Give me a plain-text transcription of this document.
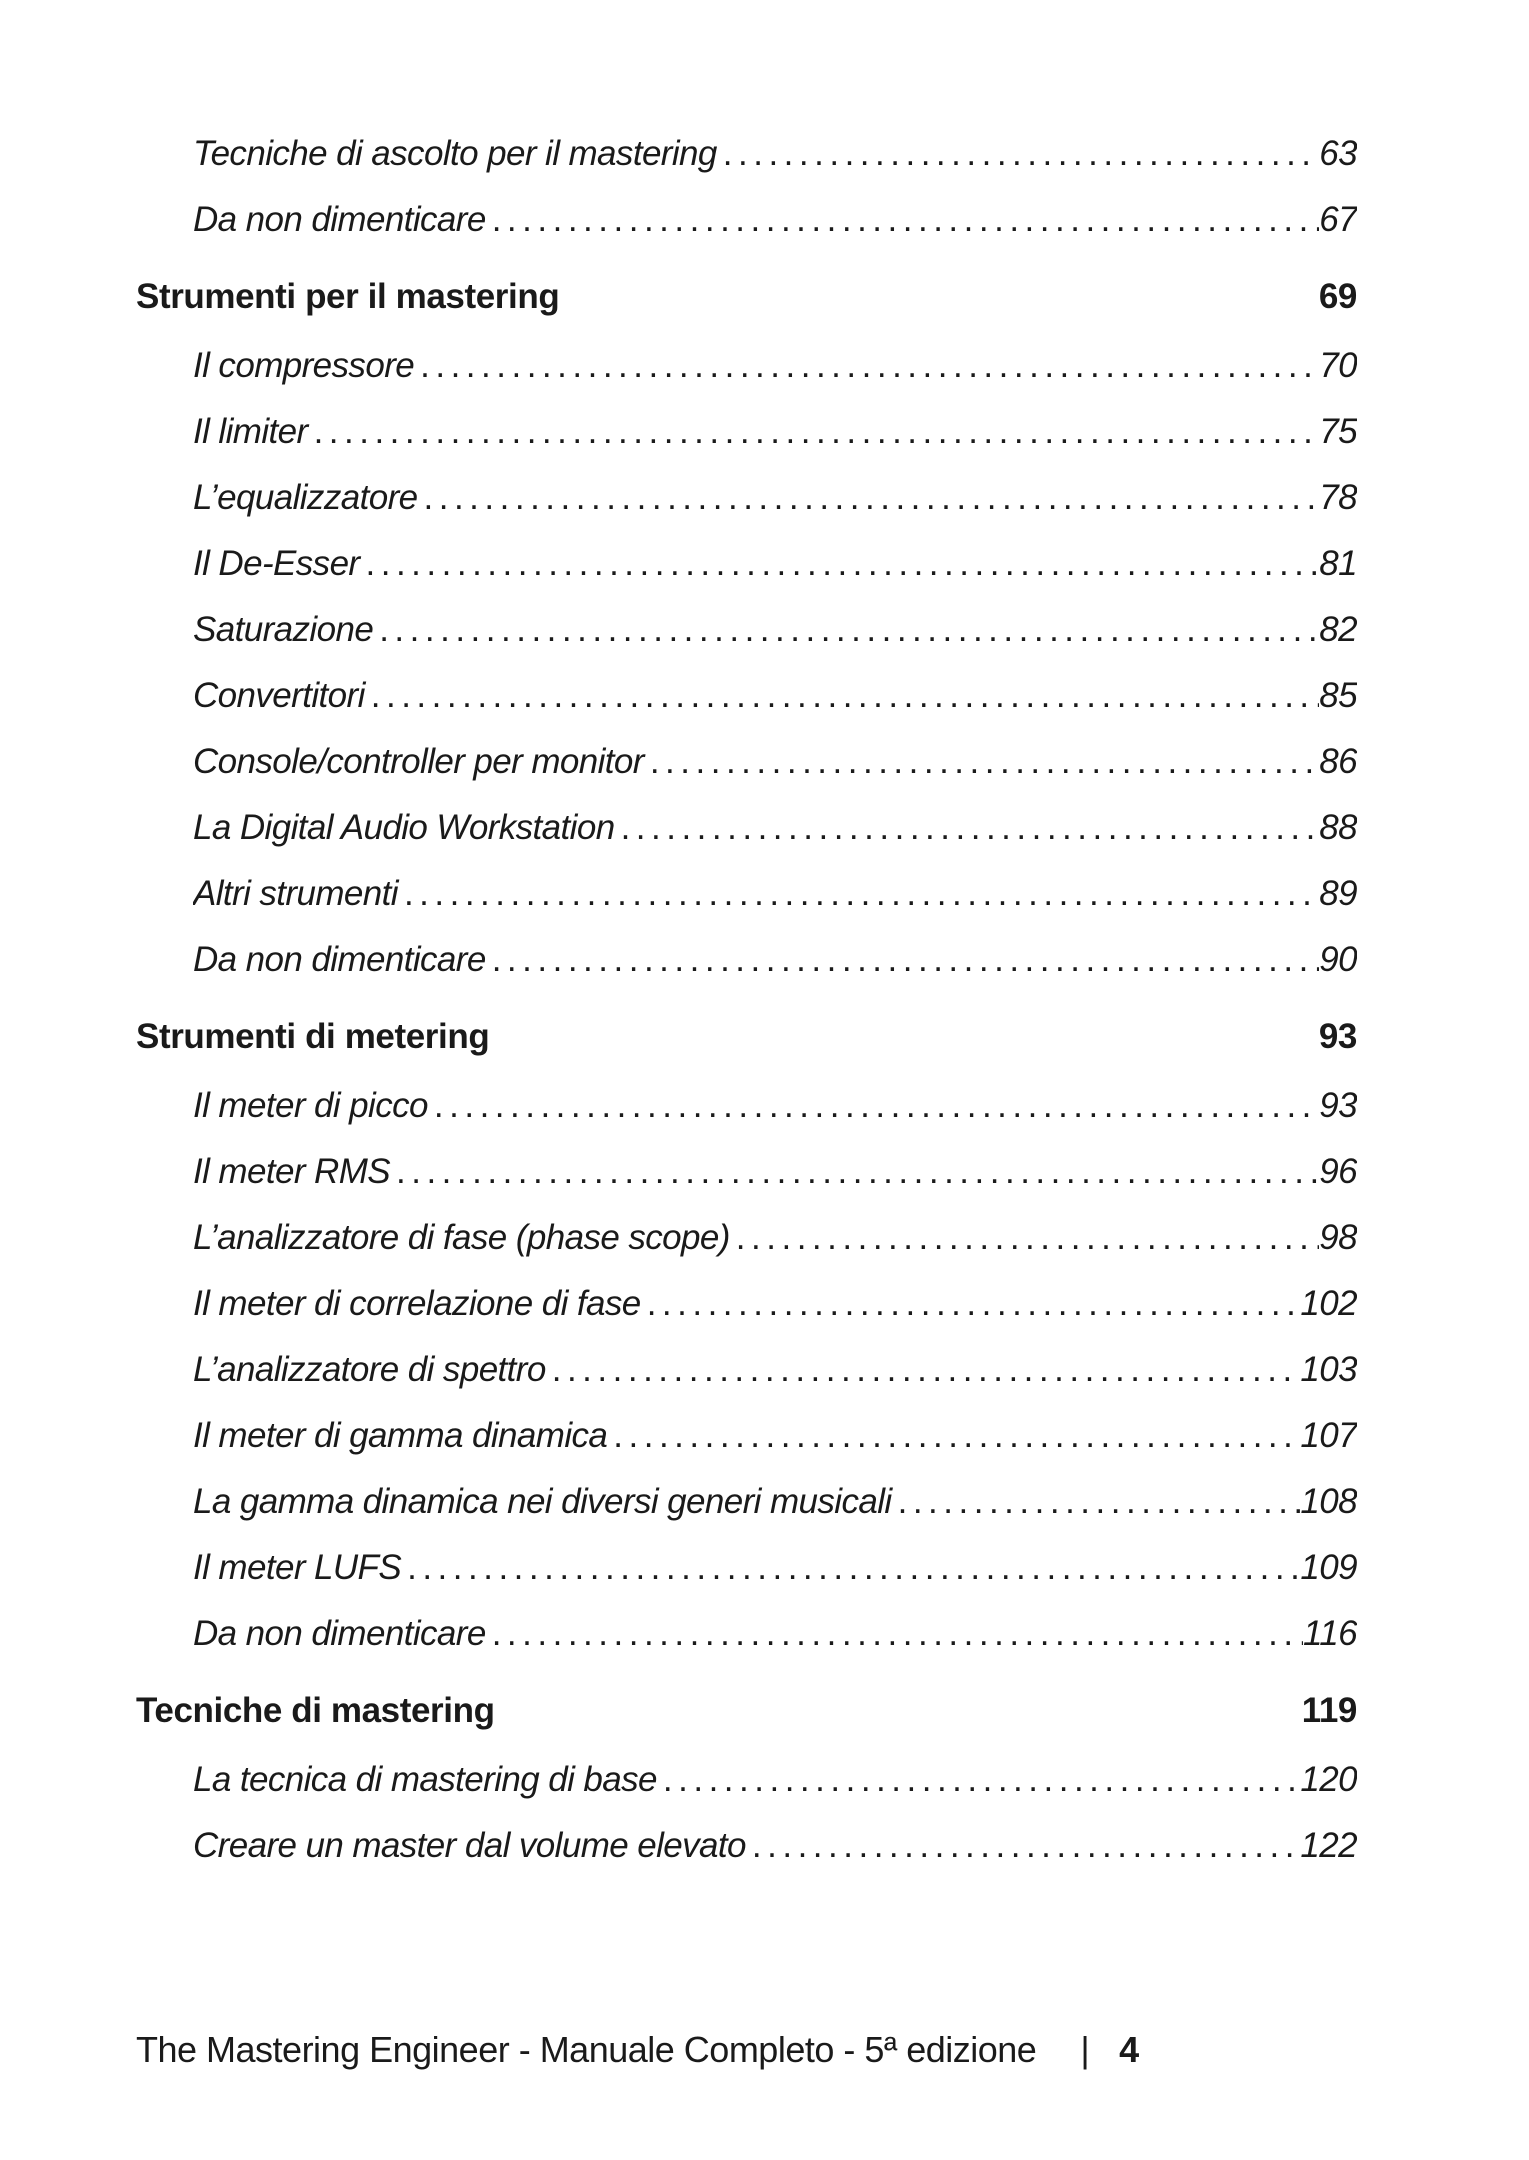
Tecniche di ascolto per il mastering .....	63
Da non dimenticare .....	67
Strumenti per il mastering	69
Il compressore .....	70
Il limiter .....	75
L’equalizzatore .....	78
Il De-Esser .....	81
Saturazione .....	82
Convertitori .....	85
Console/controller per monitor .....	86
La Digital Audio Workstation .....	88
Altri strumenti .....	89
Da non dimenticare .....	90
Strumenti di metering	93
Il meter di picco .....	93
Il meter RMS .....	96
L’analizzatore di fase (phase scope) .....	98
Il meter di correlazione di fase .....	102
L’analizzatore di spettro .....	103
Il meter di gamma dinamica .....	107
La gamma dinamica nei diversi generi musicali .....	108
Il meter LUFS .....	109
Da non dimenticare .....	116
Tecniche di mastering	119
La tecnica di mastering di base .....	120
Creare un master dal volume elevato .....	122
The Mastering Engineer - Manuale Completo - 5ª edizione | 4
